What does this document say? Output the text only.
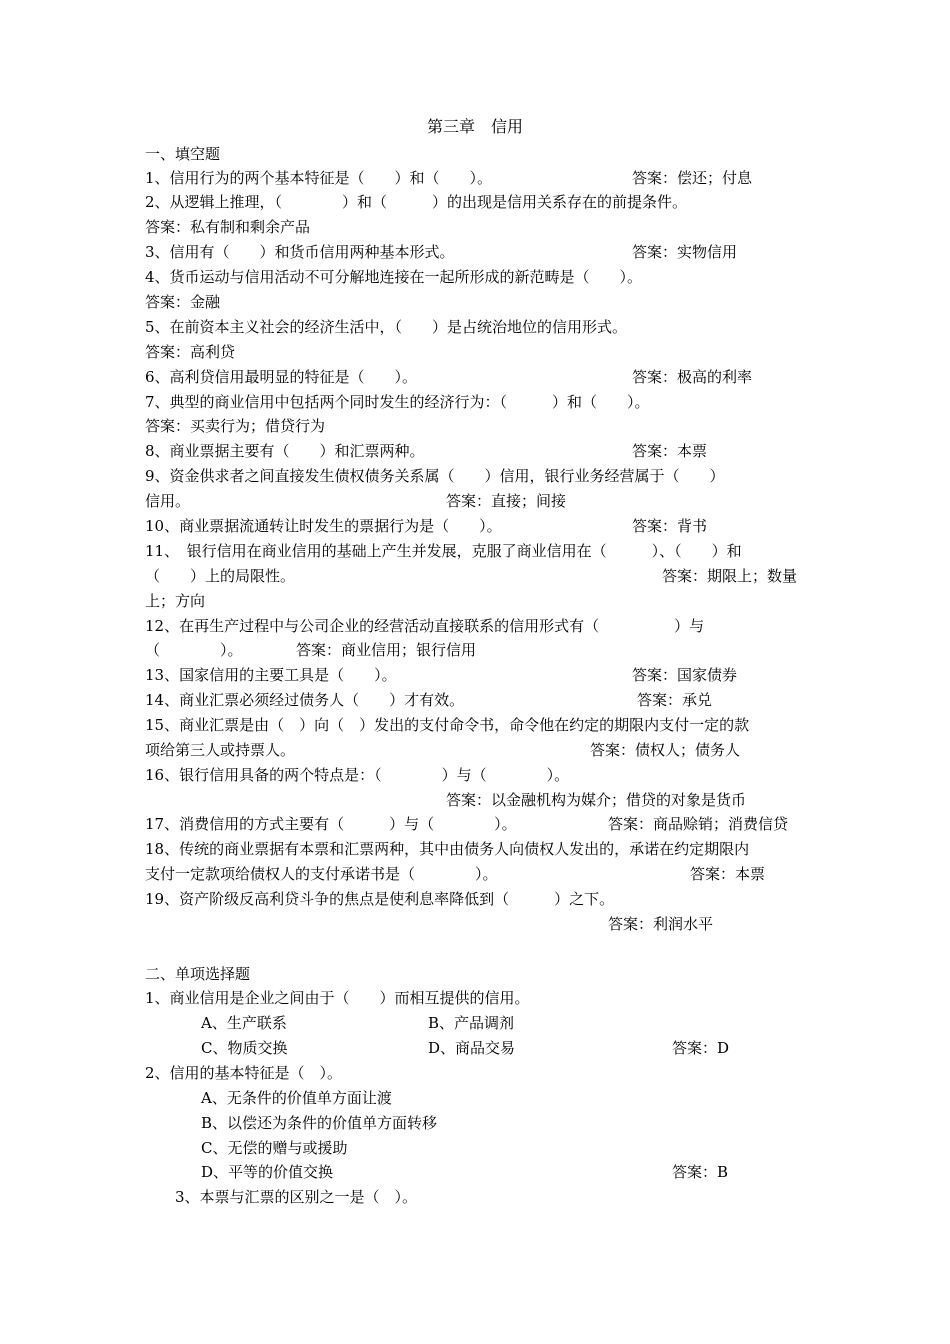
第三章　信用
一、填空题
1、信用行为的两个基本特征是（　　）和（　　）。	答案：偿还；付息
2、从逻辑上推理，（　　　　）和（　　　）的出现是信用关系存在的前提条件。
答案：私有制和剩余产品
3、信用有（　　）和货币信用两种基本形式。	答案：实物信用
4、货币运动与信用活动不可分解地连接在一起所形成的新范畴是（　　）。
答案：金融
5、在前资本主义社会的经济生活中，（　　）是占统治地位的信用形式。
答案：高利贷
6、高利贷信用最明显的特征是（　　）。	答案：极高的利率
7、典型的商业信用中包括两个同时发生的经济行为：（　　　）和（　　）。
答案：买卖行为；借贷行为
8、商业票据主要有（　　）和汇票两种。	答案：本票
9、资金供求者之间直接发生债权债务关系属（　　）信用，银行业务经营属于（　　）
信用。	答案：直接；间接
10、商业票据流通转让时发生的票据行为是（　　）。	答案：背书
11、　银行信用在商业信用的基础上产生并发展，克服了商业信用在（　　　）、（　　）和
（　　）上的局限性。	答案：期限上；数量
上；方向
12、在再生产过程中与公司企业的经营活动直接联系的信用形式有（　　　　　）与
（　　　　）。	答案：商业信用；银行信用
13、国家信用的主要工具是（　　）。	答案：国家债券
14、商业汇票必须经过债务人（　　）才有效。	答案：承兑
15、商业汇票是由（　）向（　）发出的支付命令书，命令他在约定的期限内支付一定的款
项给第三人或持票人。	答案：债权人；债务人
16、银行信用具备的两个特点是：（　　　　）与（　　　　）。
答案：以金融机构为媒介；借贷的对象是货币
17、消费信用的方式主要有（　　　）与（　　　　）。	答案：商品赊销；消费信贷
18、传统的商业票据有本票和汇票两种，其中由债务人向债权人发出的，承诺在约定期限内
支付一定款项给债权人的支付承诺书是（　　　　）。	答案：本票
19、资产阶级反高利贷斗争的焦点是使利息率降低到（　　　）之下。
答案：利润水平
二、单项选择题
1、商业信用是企业之间由于（　　）而相互提供的信用。
A、生产联系	B、产品调剂
C、物质交换	D、商品交易	答案：D
2、信用的基本特征是（　）。
A、无条件的价值单方面让渡
B、以偿还为条件的价值单方面转移
C、无偿的赠与或援助
D、平等的价值交换	答案：B
3、本票与汇票的区别之一是（　）。
